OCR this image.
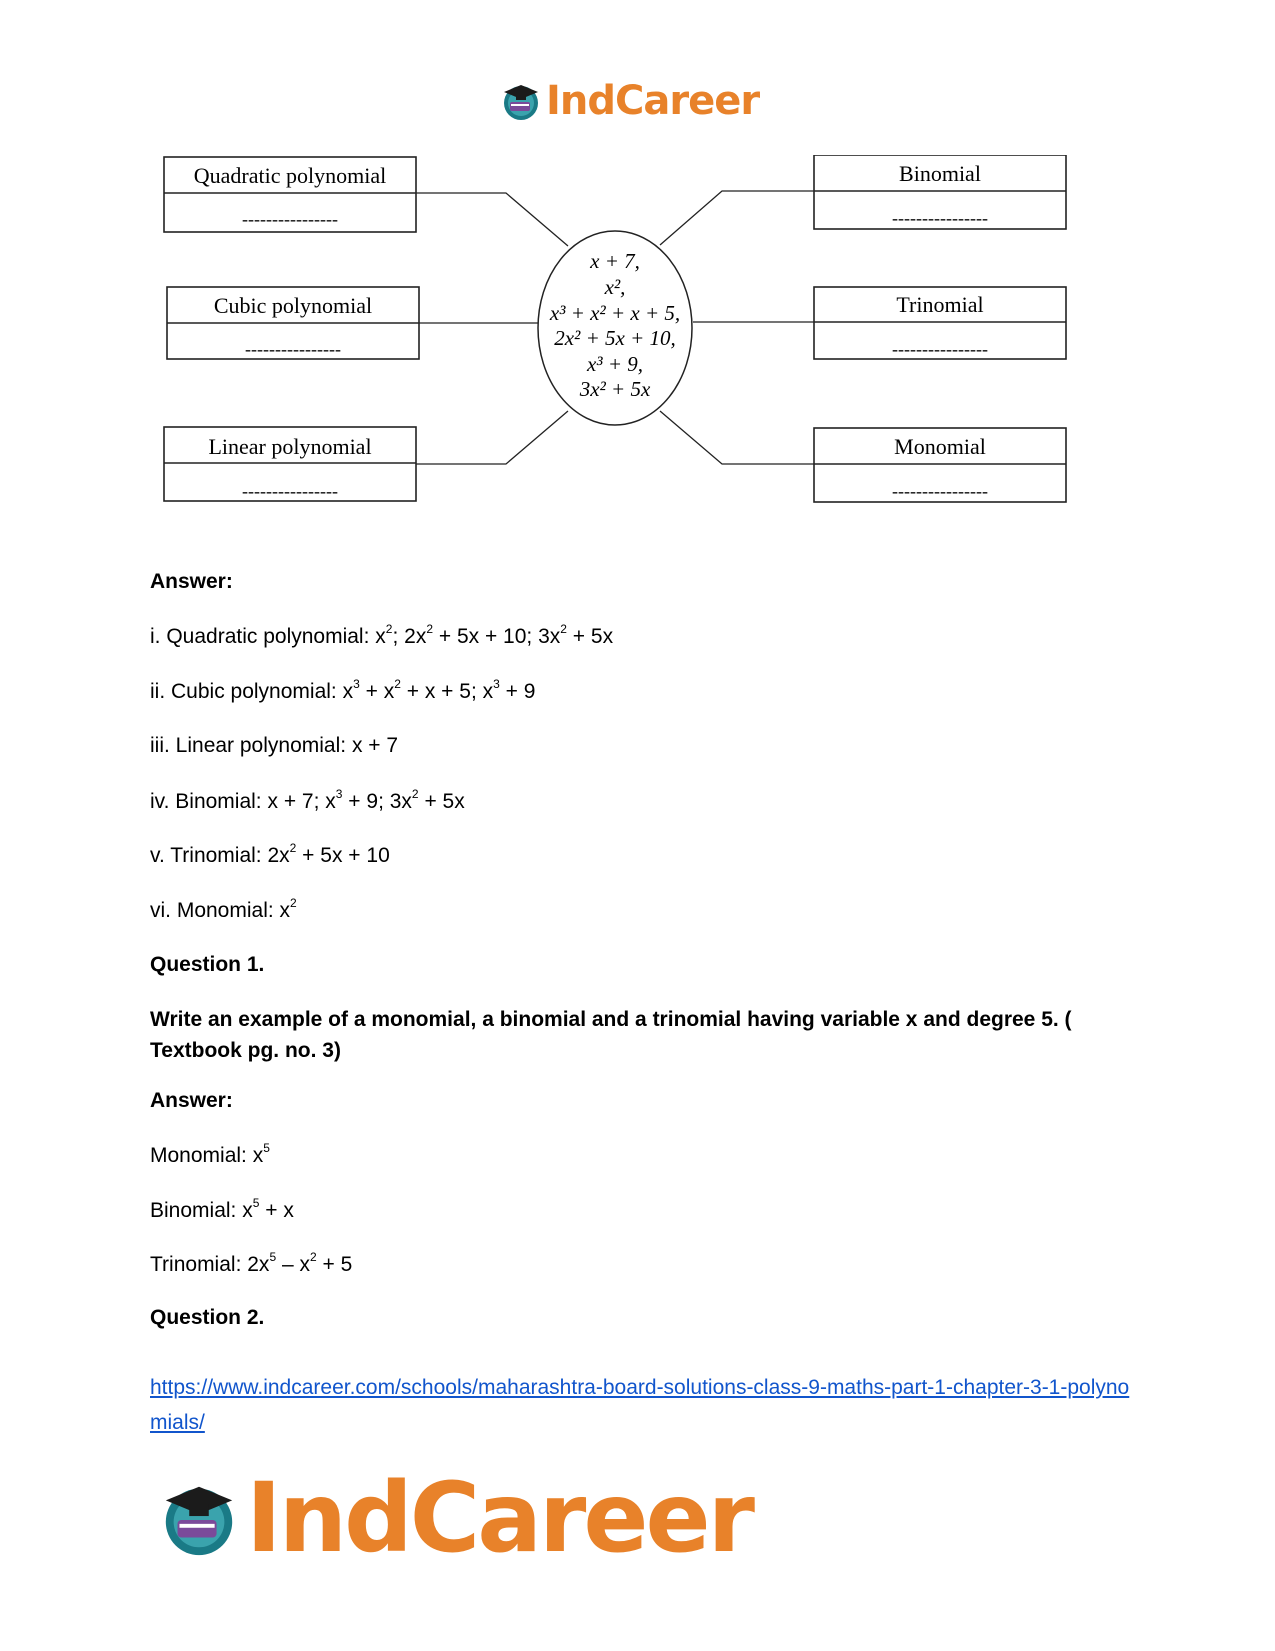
IndCareer
Quadratic polynomial
----------------
Cubic polynomial
----------------
Linear polynomial
----------------
Binomial
----------------
Trinomial
----------------
Monomial
----------------
x + 7,
x²,
x³ + x² + x + 5,
2x² + 5x + 10,
x³ + 9,
3x² + 5x
Answer:
i. Quadratic polynomial: $x^2$; $2x^2 + 5x + 10$; $3x^2 + 5x$
ii. Cubic polynomial: $x^3 + x^2 + x + 5$; $x^3 + 9$
iii. Linear polynomial: x + 7
iv. Binomial: x + 7; $x^3 + 9$; $3x^2 + 5x$
v. Trinomial: $2x^2 + 5x + 10$
vi. Monomial: $x^2$
Question 1.
Write an example of a monomial, a binomial and a trinomial having variable x and degree 5. ( Textbook pg. no. 3)
Answer:
Monomial: $x^5$
Binomial: $x^5 + x$
Trinomial: $2x^5 - x^2 + 5$
Question 2.
https://www.indcareer.com/schools/maharashtra-board-solutions-class-9-maths-part-1-chapter-3-1-polynomials/
IndCareer
